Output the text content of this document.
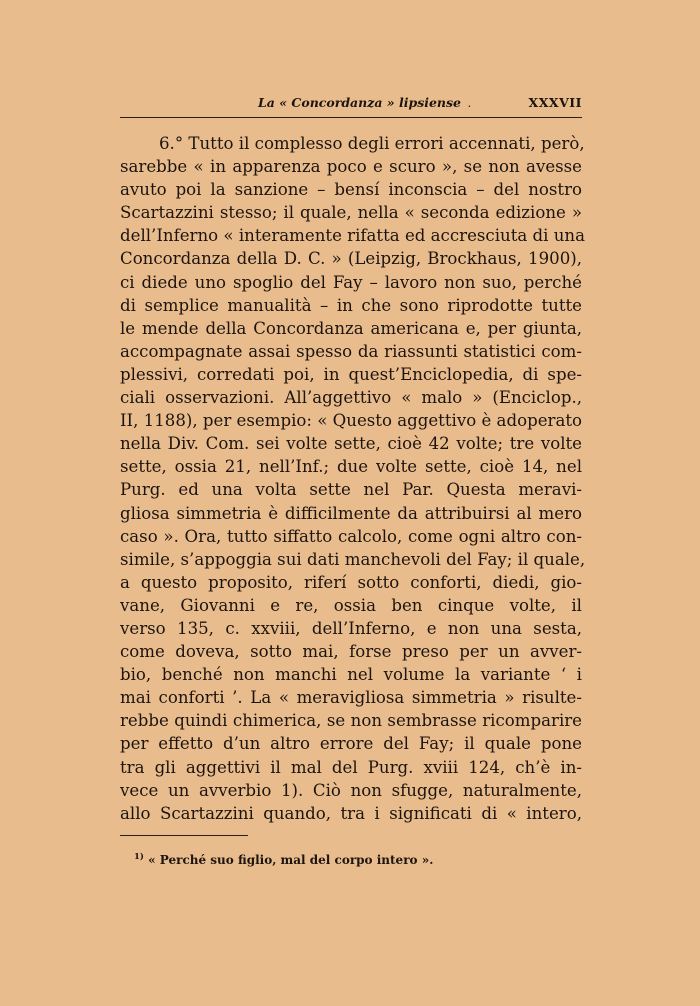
La « Concordanza » lipsiense ·	XXXVII
6.° Tutto il complesso degli errori accennati, però,
sarebbe « in apparenza poco e scuro », se non avesse
avuto poi la sanzione – bensí inconscia – del nostro
Scartazzini stesso; il quale, nella « seconda edizione »
dell’Inferno « interamente rifatta ed accresciuta di una
Concordanza della D. C. » (Leipzig, Brockhaus, 1900),
ci diede uno spoglio del Fay – lavoro non suo, perché
di semplice manualità – in che sono riprodotte tutte
le mende della Concordanza americana e, per giunta,
accompagnate assai spesso da riassunti statistici com-
plessivi, corredati poi, in quest’Enciclopedia, di spe-
ciali osservazioni. All’aggettivo « malo » (Enciclop.,
II, 1188), per esempio: « Questo aggettivo è adoperato
nella Div. Com. sei volte sette, cioè 42 volte; tre volte
sette, ossia 21, nell’Inf.; due volte sette, cioè 14, nel
Purg. ed una volta sette nel Par. Questa meravi-
gliosa simmetria è difficilmente da attribuirsi al mero
caso ». Ora, tutto siffatto calcolo, come ogni altro con-
simile, s’appoggia sui dati manchevoli del Fay; il quale,
a questo proposito, riferí sotto conforti, diedi, gio-
vane, Giovanni e re, ossia ben cinque volte, il
verso 135, c. xxviii, dell’Inferno, e non una sesta,
come doveva, sotto mai, forse preso per un avver-
bio, benché non manchi nel volume la variante ‘ i
mai conforti ’. La « meravigliosa simmetria » risulte-
rebbe quindi chimerica, se non sembrasse ricomparire
per effetto d’un altro errore del Fay; il quale pone
tra gli aggettivi il mal del Purg. xviii 124, ch’è in-
vece un avverbio 1). Ciò non sfugge, naturalmente,
allo Scartazzini quando, tra i significati di « intero,
$^{1)}$ « Perché suo figlio, mal del corpo intero ».
